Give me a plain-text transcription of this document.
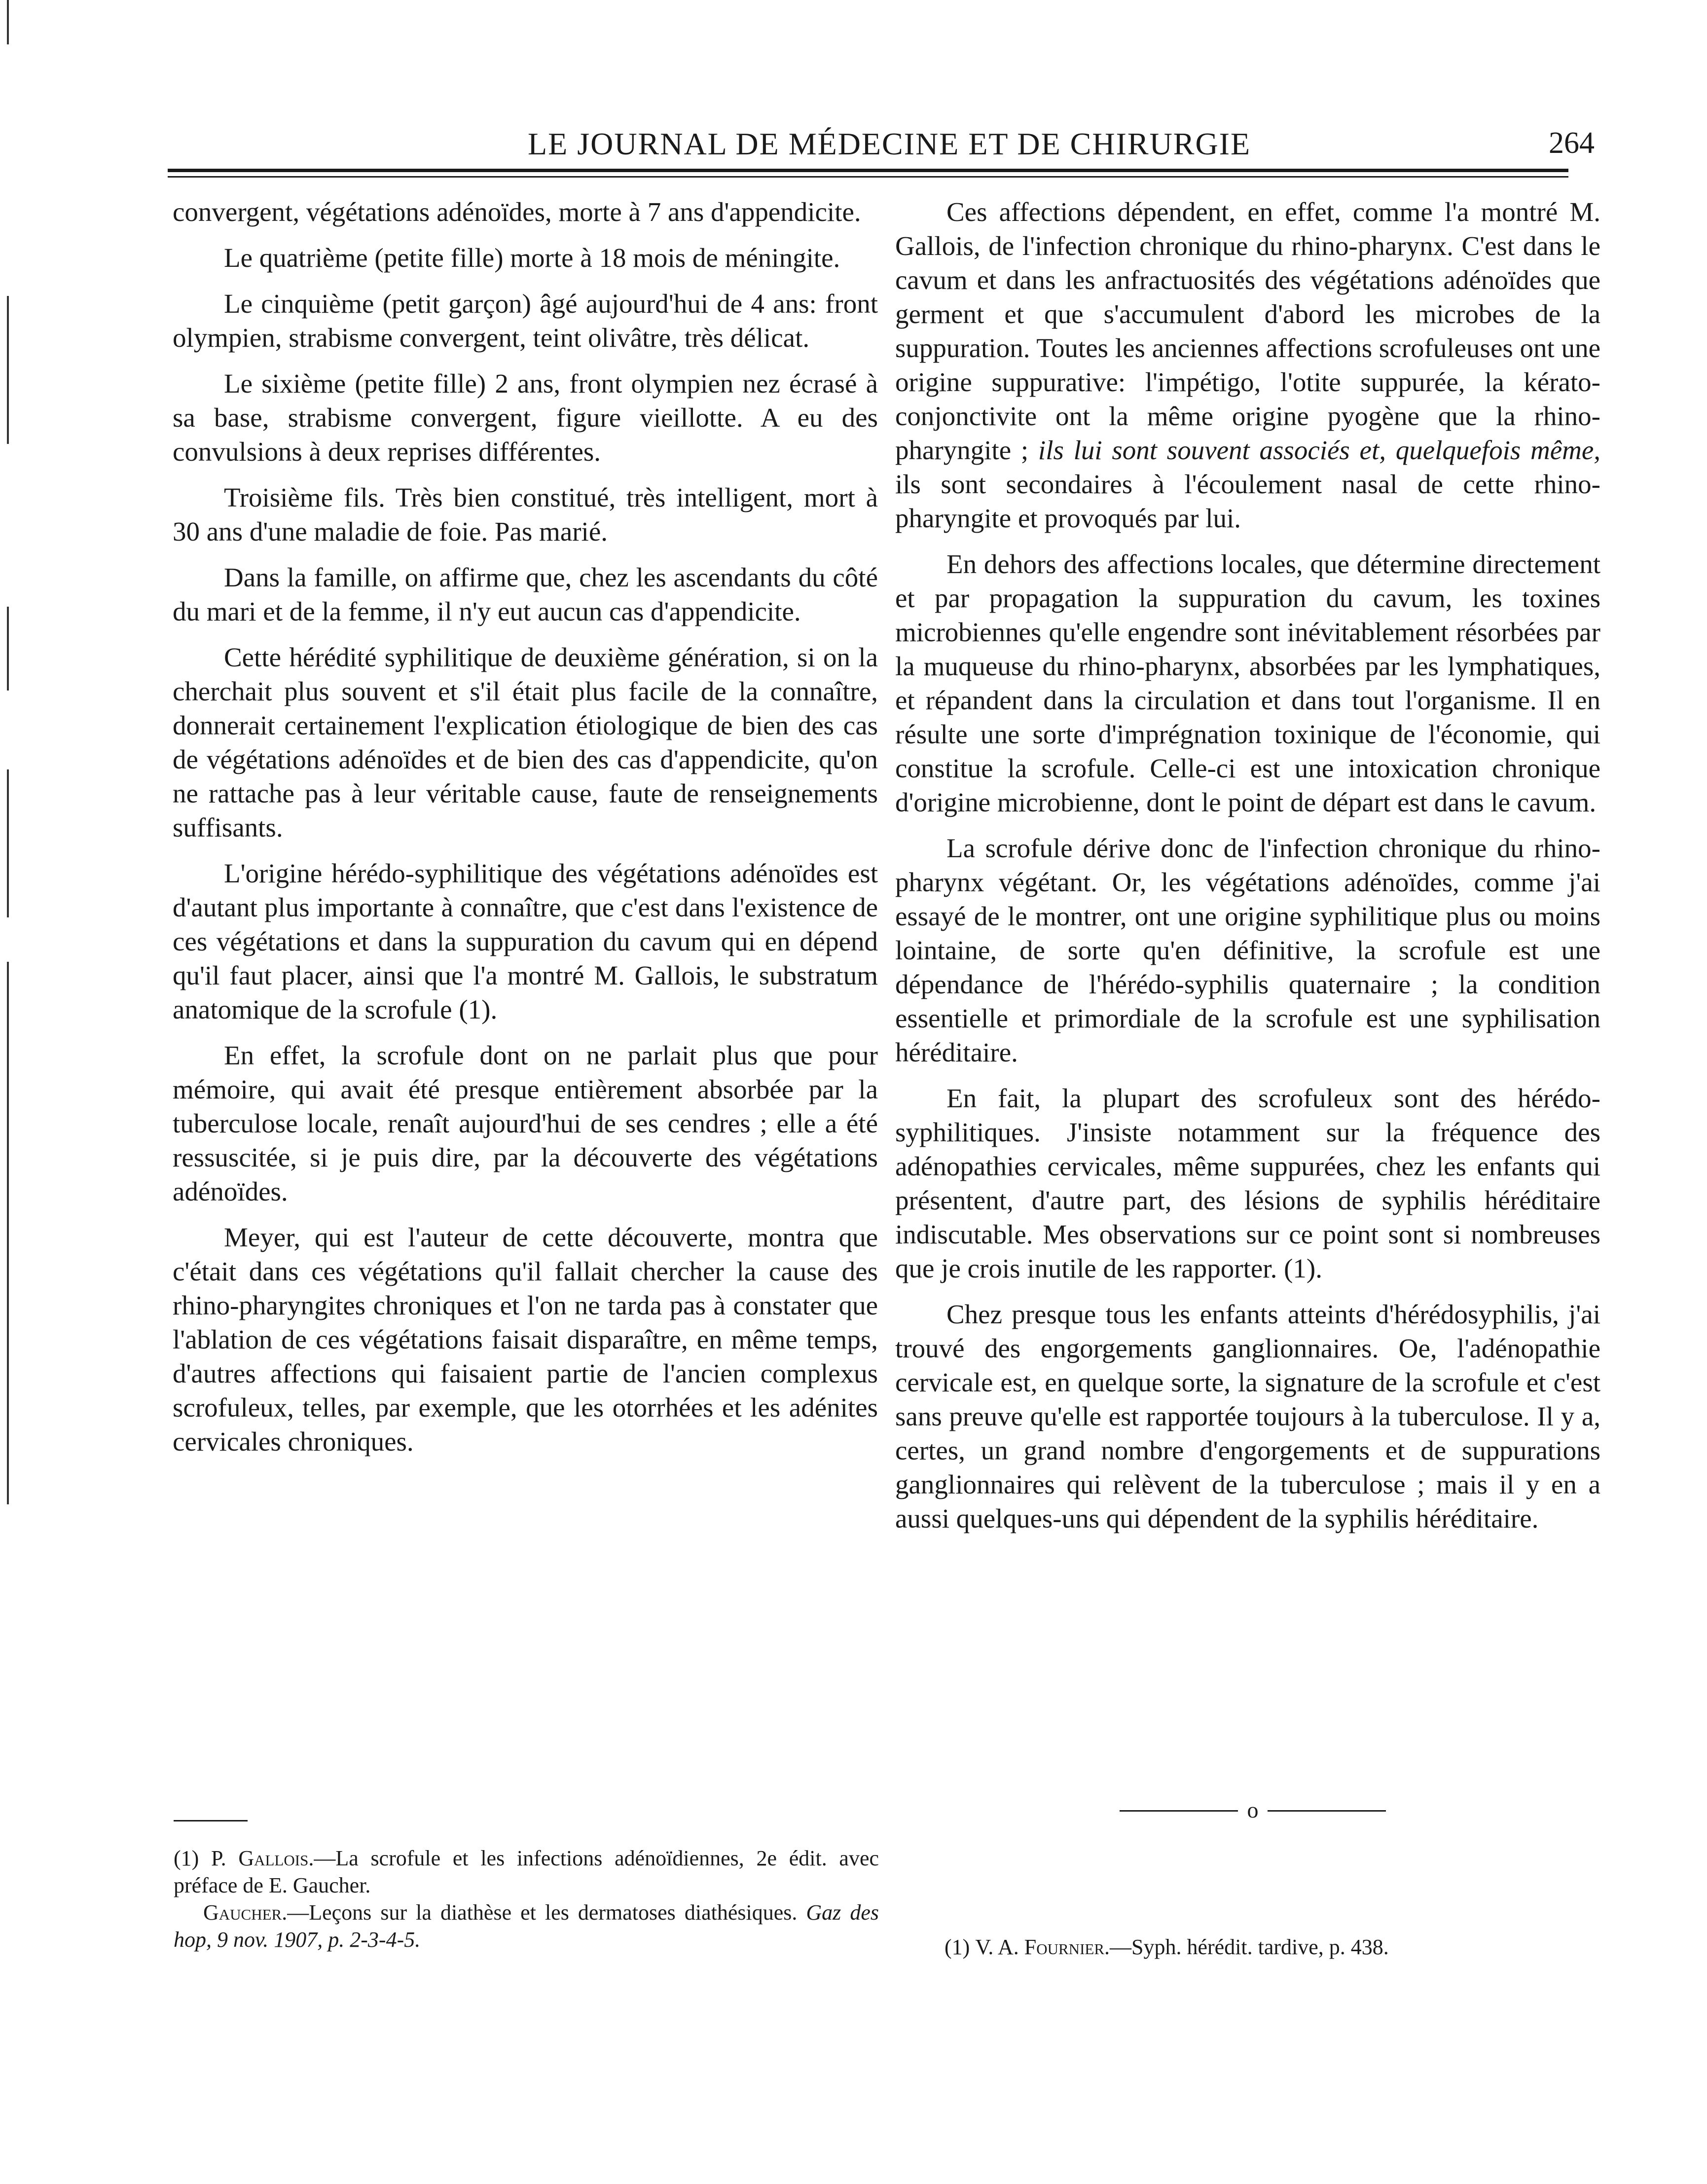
LE JOURNAL DE MÉDECINE ET DE CHIRURGIE	264

convergent, végétations adénoïdes, morte à 7 ans d'appendicite.

Le quatrième (petite fille) morte à 18 mois de méningite.

Le cinquième (petit garçon) âgé aujourd'hui de 4 ans: front olympien, strabisme convergent, teint olivâtre, très délicat.

Le sixième (petite fille) 2 ans, front olympien nez écrasé à sa base, strabisme convergent, figure vieillotte. A eu des convulsions à deux reprises différentes.

Troisième fils. Très bien constitué, très intelligent, mort à 30 ans d'une maladie de foie. Pas marié.

Dans la famille, on affirme que, chez les ascendants du côté du mari et de la femme, il n'y eut aucun cas d'appendicite.

Cette hérédité syphilitique de deuxième génération, si on la cherchait plus souvent et s'il était plus facile de la connaître, donnerait certainement l'explication étiologique de bien des cas de végétations adénoïdes et de bien des cas d'appendicite, qu'on ne rattache pas à leur véritable cause, faute de renseignements suffisants.

L'origine hérédo-syphilitique des végétations adénoïdes est d'autant plus importante à connaître, que c'est dans l'existence de ces végétations et dans la suppuration du cavum qui en dépend qu'il faut placer, ainsi que l'a montré M. Gallois, le substratum anatomique de la scrofule (1).

En effet, la scrofule dont on ne parlait plus que pour mémoire, qui avait été presque entièrement absorbée par la tuberculose locale, renaît aujourd'hui de ses cendres ; elle a été ressuscitée, si je puis dire, par la découverte des végétations adénoïdes.

Meyer, qui est l'auteur de cette découverte, montra que c'était dans ces végétations qu'il fallait chercher la cause des rhino-pharyngites chroniques et l'on ne tarda pas à constater que l'ablation de ces végétations faisait disparaître, en même temps, d'autres affections qui faisaient partie de l'ancien complexus scrofuleux, telles, par exemple, que les otorrhées et les adénites cervicales chroniques.

Ces affections dépendent, en effet, comme l'a montré M. Gallois, de l'infection chronique du rhino-pharynx. C'est dans le cavum et dans les anfractuosités des végétations adénoïdes que germent et que s'accumulent d'abord les microbes de la suppuration. Toutes les anciennes affections scrofuleuses ont une origine suppurative: l'impétigo, l'otite suppurée, la kérato-conjonctivite ont la même origine pyogène que la rhino-pharyngite ; ils lui sont souvent associés et, quelquefois même, ils sont secondaires à l'écoulement nasal de cette rhino-pharyngite et provoqués par lui.

En dehors des affections locales, que détermine directement et par propagation la suppuration du cavum, les toxines microbiennes qu'elle engendre sont inévitablement résorbées par la muqueuse du rhino-pharynx, absorbées par les lymphatiques, et répandent dans la circulation et dans tout l'organisme. Il en résulte une sorte d'imprégnation toxinique de l'économie, qui constitue la scrofule. Celle-ci est une intoxication chronique d'origine microbienne, dont le point de départ est dans le cavum.

La scrofule dérive donc de l'infection chronique du rhino-pharynx végétant. Or, les végétations adénoïdes, comme j'ai essayé de le montrer, ont une origine syphilitique plus ou moins lointaine, de sorte qu'en définitive, la scrofule est une dépendance de l'hérédo-syphilis quaternaire ; la condition essentielle et primordiale de la scrofule est une syphilisation héréditaire.

En fait, la plupart des scrofuleux sont des hérédo-syphilitiques. J'insiste notamment sur la fréquence des adénopathies cervicales, même suppurées, chez les enfants qui présentent, d'autre part, des lésions de syphilis héréditaire indiscutable. Mes observations sur ce point sont si nombreuses que je crois inutile de les rapporter. (1).

Chez presque tous les enfants atteints d'hérédosyphilis, j'ai trouvé des engorgements ganglionnaires. Oe, l'adénopathie cervicale est, en quelque sorte, la signature de la scrofule et c'est sans preuve qu'elle est rapportée toujours à la tuberculose. Il y a, certes, un grand nombre d'engorgements et de suppurations ganglionnaires qui relèvent de la tuberculose ; mais il y en a aussi quelques-uns qui dépendent de la syphilis héréditaire.

o
(1) P. Gallois.—La scrofule et les infections adénoïdiennes, 2e édit. avec préface de E. Gaucher.
Gaucher.—Leçons sur la diathèse et les dermatoses diathésiques. Gaz des hop, 9 nov. 1907, p. 2-3-4-5.	(1) V. A. Fournier.—Syph. hérédit. tardive, p. 438.
